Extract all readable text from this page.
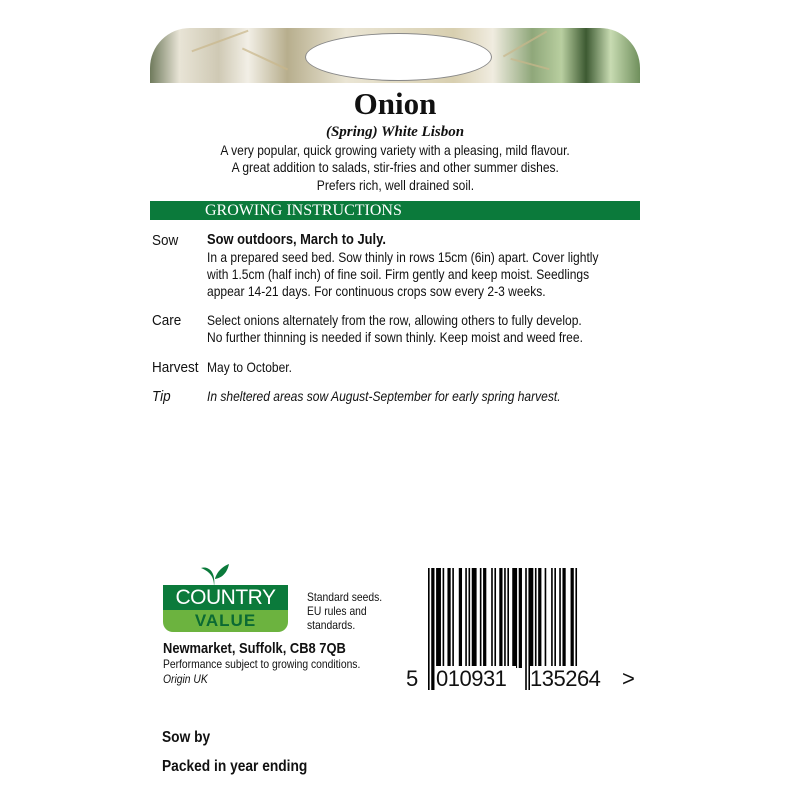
Onion
(Spring) White Lisbon
A very popular, quick growing variety with a pleasing, mild flavour.
A great addition to salads, stir-fries and other summer dishes.
Prefers rich, well drained soil.
GROWING INSTRUCTIONS
Sow Sow outdoors, March to July.
In a prepared seed bed. Sow thinly in rows 15cm (6in) apart. Cover lightly
with 1.5cm (half inch) of fine soil. Firm gently and keep moist. Seedlings
appear 14-21 days. For continuous crops sow every 2-3 weeks.
Care Select onions alternately from the row, allowing others to fully develop.
No further thinning is needed if sown thinly. Keep moist and weed free.
Harvest May to October.
Tip	In sheltered areas sow August-September for early spring harvest.
COUNTRY
VALUE
Standard seeds.
EU rules and
standards.
Newmarket, Suffolk, CB8 7QB
Performance subject to growing conditions.
Origin UK	5 010931	135264 >
Sow by
Packed in year ending
